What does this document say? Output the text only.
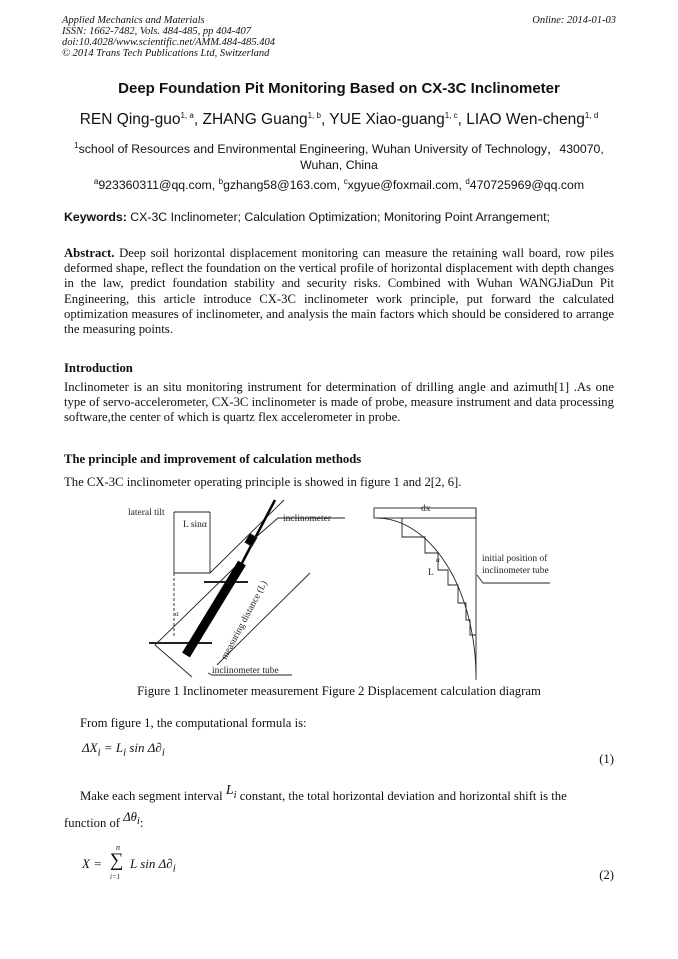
Applied Mechanics and Materials
ISSN: 1662-7482, Vols. 484-485, pp 404-407
doi:10.4028/www.scientific.net/AMM.484-485.404
© 2014 Trans Tech Publications Ltd, Switzerland
Online: 2014-01-03
Deep Foundation Pit Monitoring Based on CX-3C Inclinometer
REN Qing-guo$^{1, a}$, ZHANG Guang$^{1, b}$, YUE Xiao-guang$^{1, c}$, LIAO Wen-cheng$^{1, d}$
$^1$school of Resources and Environmental Engineering, Wuhan University of Technology，430070,
Wuhan, China
$^a$923360311@qq.com, $^b$gzhang58@163.com, $^c$xgyue@foxmail.com, $^d$470725969@qq.com
Keywords: CX-3C Inclinometer; Calculation Optimization; Monitoring Point Arrangement;
Abstract. Deep soil horizontal displacement monitoring can measure the retaining wall board, row piles deformed shape, reflect the foundation on the vertical profile of horizontal displacement with depth changes in the law, predict foundation stability and security risks. Combined with Wuhan WANGJiaDun Pit Engineering, this article introduce CX-3C inclinometer work principle, put forward the calculated optimization measures of inclinometer, and analysis the main factors which should be considered to arrange the measuring points.
Introduction
Inclinometer is an situ monitoring instrument for determination of drilling angle and azimuth[1] .As one type of servo-accelerometer, CX-3C inclinometer is made of probe, measure instrument and data processing software,the center of which is quartz flex accelerometer in probe.
The principle and improvement of calculation methods
The CX-3C inclinometer operating principle is showed in figure 1 and 2[2, 6].
lateral tilt
L sinα
inclinometer
measuring distance (L)
inclinometer tube
α
dx
initial position of
inclinometer tube
α
L
Figure 1 Inclinometer measurement Figure 2 Displacement calculation diagram
From figure 1, the computational formula is:
$\Delta X_i = L_i$ $\sin \Delta\partial_i$	(1)
Make each segment interval $L_i$ constant, the total horizontal deviation and horizontal shift is the
function of $\Delta\theta_i$:
X =
n
∑
i=1
L $\sin \Delta\partial_i$	(2)
